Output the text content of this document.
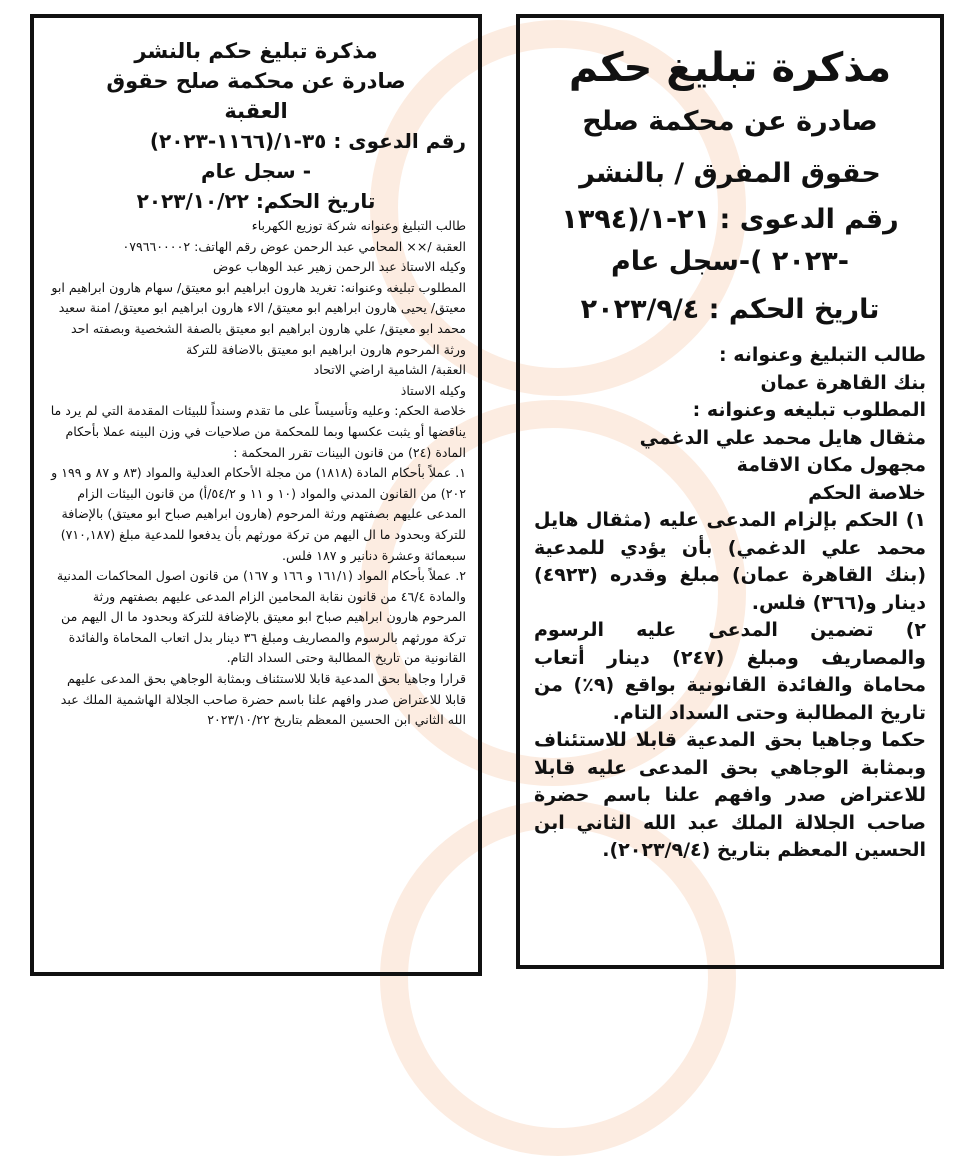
مذكرة تبليغ حكم بالنشر
صادرة عن محكمة صلح حقوق
العقبة
رقم الدعوى : ٣٥-١/(١١٦٦-٢٠٢٣)
- سجل عام
تاريخ الحكم: ٢٠٢٣/١٠/٢٢

طالب التبليغ وعنوانه شركة توزيع الكهرباء

العقبة /×× المحامي عبد الرحمن عوض رقم الهاتف: ٠٧٩٦٦٠٠٠٠٢

وكيله الاستاذ عبد الرحمن زهير عبد الوهاب عوض

المطلوب تبليغه وعنوانه: تغريد هارون ابراهيم ابو معيتق/ سهام هارون ابراهيم ابو معيتق/ يحيى هارون ابراهيم ابو معيتق/ الاء هارون ابراهيم ابو معيتق/ امنة سعيد محمد ابو معيتق/ علي هارون ابراهيم ابو معيتق بالصفة الشخصية وبصفته احد ورثة المرحوم هارون ابراهيم ابو معيتق بالاضافة للتركة

العقبة/ الشامية اراضي الاتحاد

وكيله الاستاذ

خلاصة الحكم: وعليه وتأسيساً على ما تقدم وسنداً للبيئات المقدمة التي لم يرد ما يناقضها أو يثبت عكسها وبما للمحكمة من صلاحيات في وزن البينه عملا بأحكام المادة (٢٤) من قانون البينات تقرر المحكمة :

١. عملاً بأحكام المادة (١٨١٨) من مجلة الأحكام العدلية والمواد (٨٣ و ٨٧ و ١٩٩ و ٢٠٢) من القانون المدني والمواد (١٠ و ١١ و ٥٤/٢/أ) من قانون البيئات الزام المدعى عليهم بصفتهم ورثة المرحوم (هارون ابراهيم صباح ابو معيتق) بالإضافة للتركة وبحدود ما ال اليهم من تركة مورثهم بأن يدفعوا للمدعية مبلغ (٧١٠,١٨٧) سبعمائة وعشرة دنانير و ١٨٧ فلس.

٢. عملاً بأحكام المواد (١٦١/١ و ١٦٦ و ١٦٧) من قانون اصول المحاكمات المدنية والمادة ٤٦/٤ من قانون نقابة المحامين الزام المدعى عليهم بصفتهم ورثة المرحوم هارون ابراهيم صباح ابو معيتق بالإضافة للتركة وبحدود ما ال اليهم من تركة مورثهم بالرسوم والمصاريف ومبلغ ٣٦ دينار بدل اتعاب المحاماة والفائدة القانونية من تاريخ المطالبة وحتى السداد التام.

قرارا وجاهيا بحق المدعية قابلا للاستئناف وبمثابة الوجاهي بحق المدعى عليهم قابلا للاعتراض صدر وافهم علنا باسم حضرة صاحب الجلالة الهاشمية الملك عبد الله الثاني ابن الحسين المعظم بتاريخ ٢٠٢٣/١٠/٢٢

مذكرة تبليغ حكم
صادرة عن محكمة صلح
حقوق المفرق / بالنشر
رقم الدعوى : ٢١-١/(١٣٩٤
-٢٠٢٣ )-سجل عام
تاريخ الحكم : ٢٠٢٣/٩/٤

طالب التبليغ وعنوانه :

بنك القاهرة عمان

المطلوب تبليغه وعنوانه :

مثقال هايل محمد علي الدغمي

مجهول مكان الاقامة

خلاصة الحكم

١) الحكم بإلزام المدعى عليه (مثقال هايل محمد علي الدغمي) بأن يؤدي للمدعية (بنك القاهرة عمان) مبلغ وقدره (٤٩٢٣) دينار و(٣٦٦) فلس.

٢) تضمين المدعى عليه الرسوم والمصاريف ومبلغ (٢٤٧) دينار أتعاب محاماة والفائدة القانونية بواقع (٩٪) من تاريخ المطالبة وحتى السداد التام.

حكما وجاهيا بحق المدعية قابلا للاستئناف وبمثابة الوجاهي بحق المدعى عليه قابلا للاعتراض صدر وافهم علنا باسم حضرة صاحب الجلالة الملك عبد الله الثاني ابن الحسين المعظم بتاريخ (٢٠٢٣/٩/٤).
